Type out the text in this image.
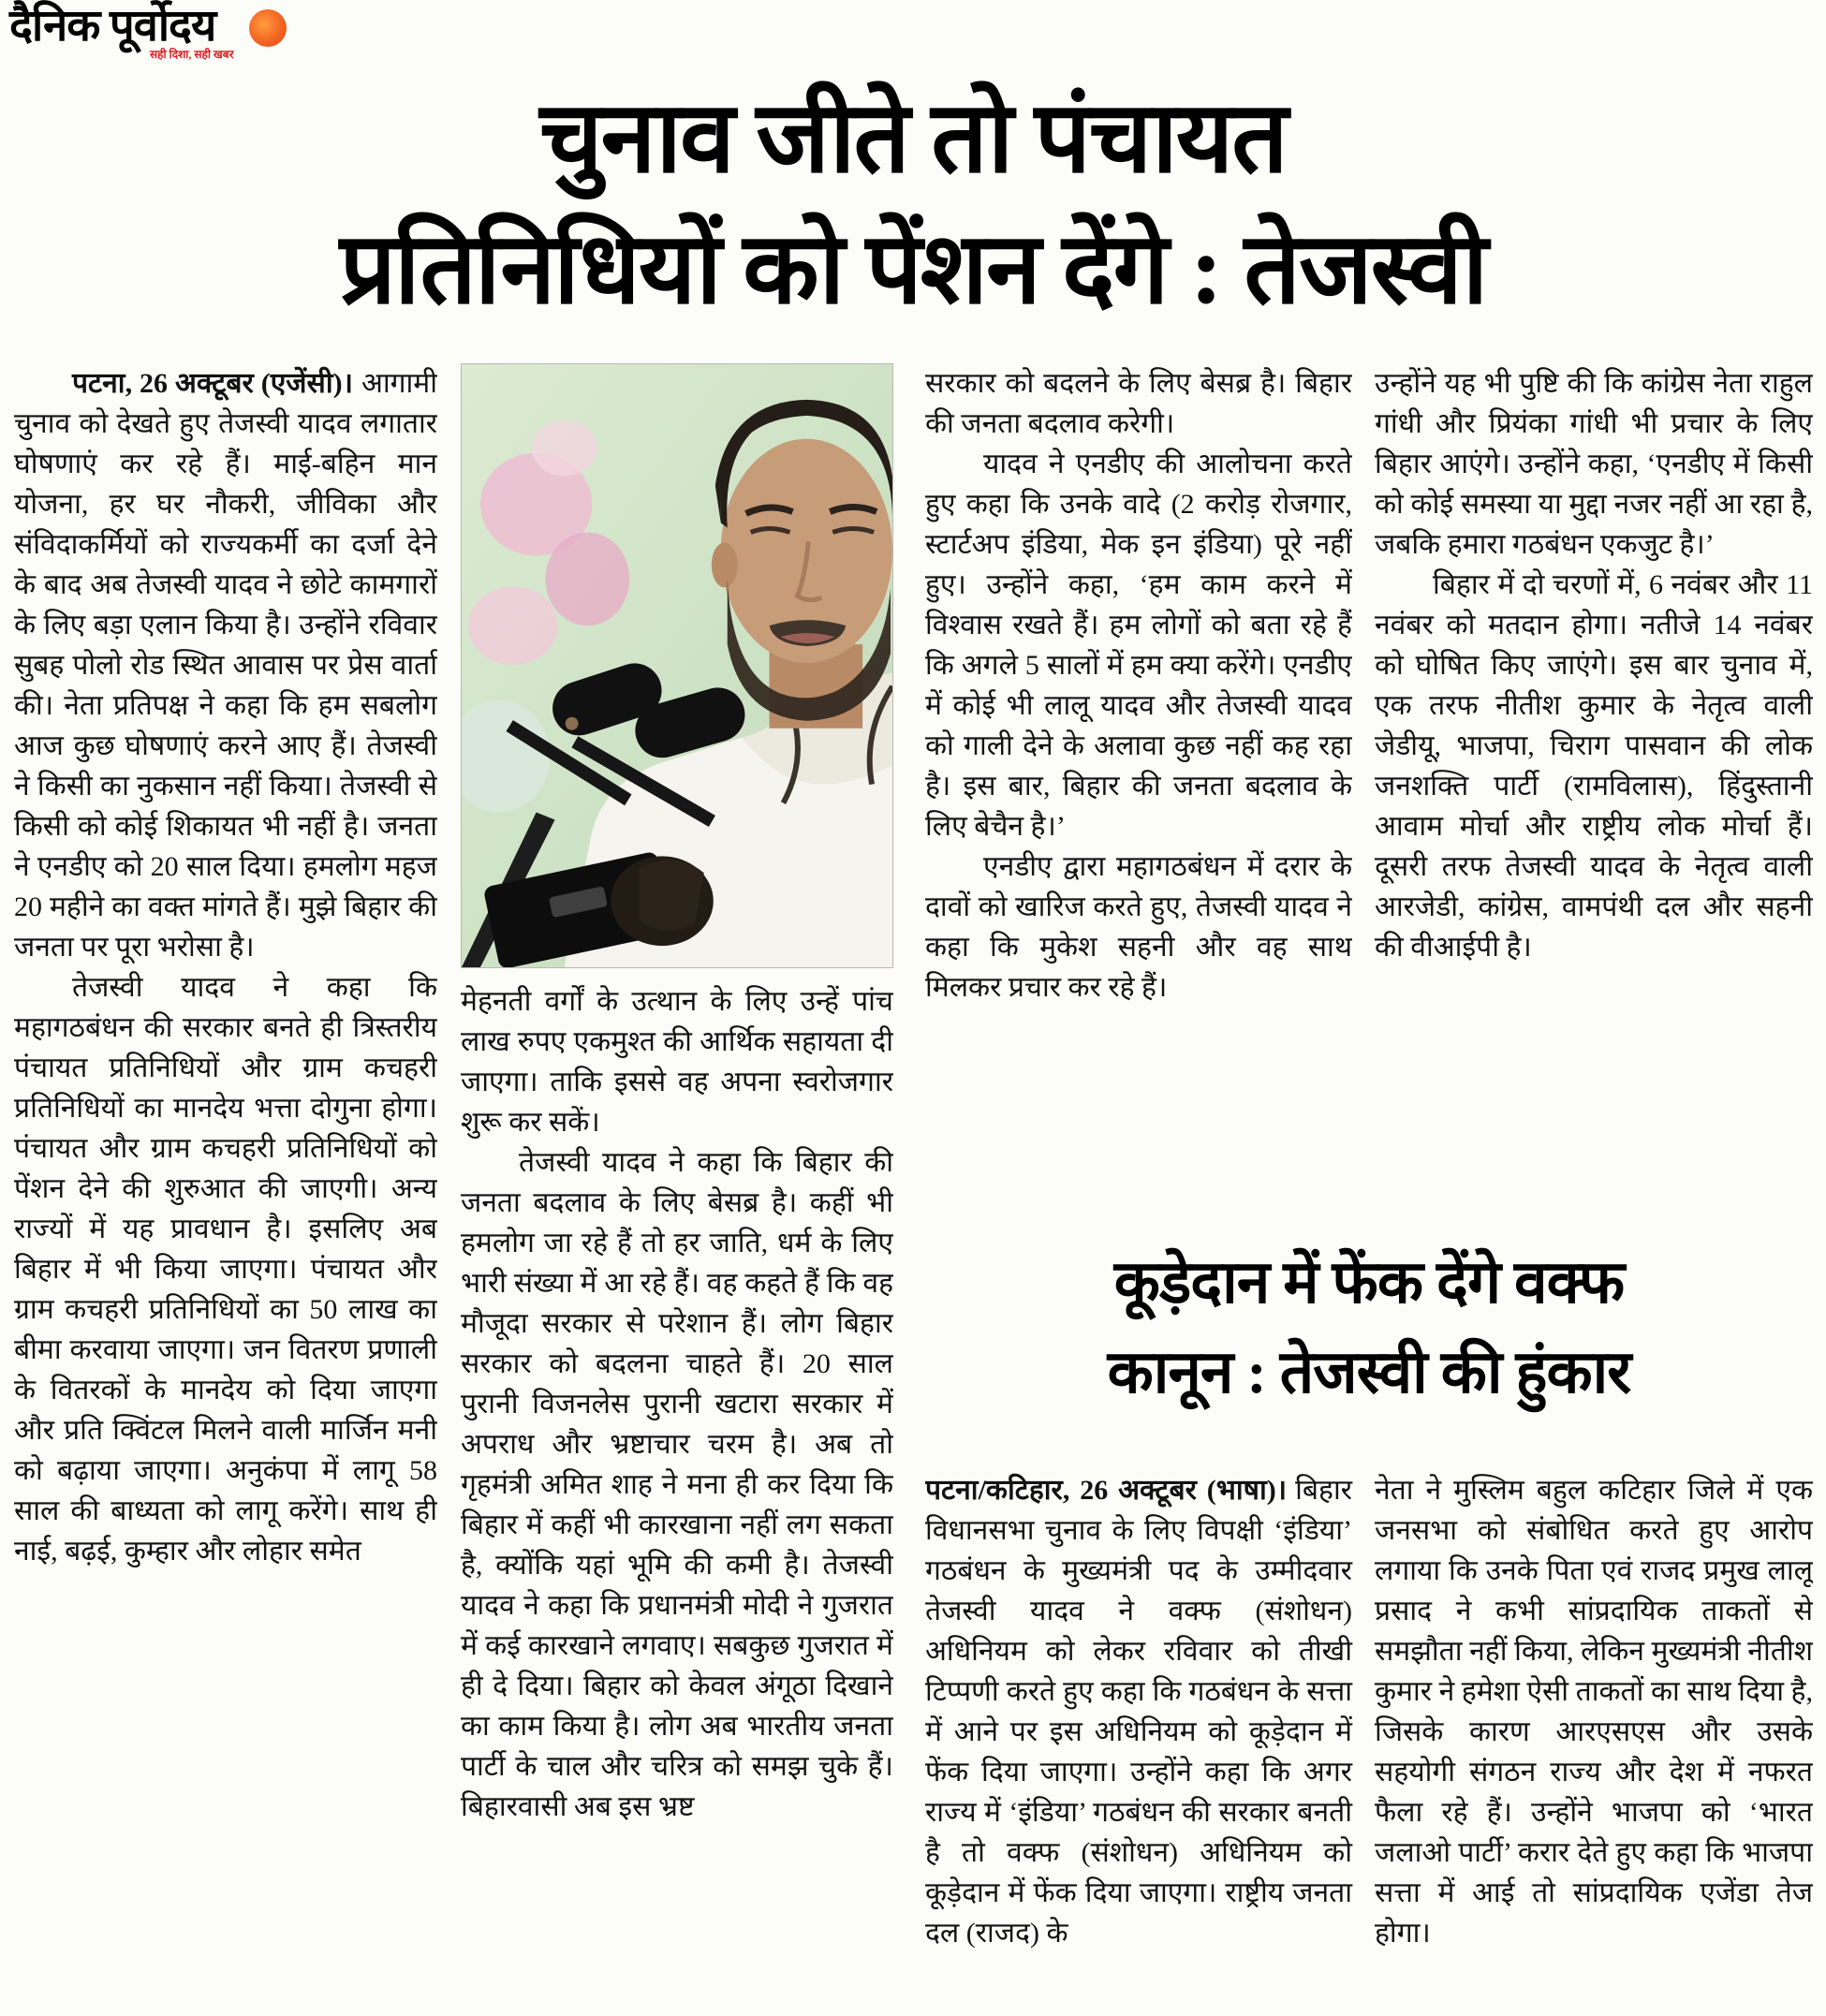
दैनिक पूर्वोदय
सही दिशा, सही खबर
चुनाव जीते तो पंचायत
प्रतिनिधियों को पेंशन देंगे : तेजस्वी

पटना, 26 अक्टूबर (एजेंसी)। आगामी चुनाव को देखते हुए तेजस्वी यादव लगातार घोषणाएं कर रहे हैं। माई-बहिन मान योजना, हर घर नौकरी, जीविका और संविदाकर्मियों को राज्यकर्मी का दर्जा देने के बाद अब तेजस्वी यादव ने छोटे कामगारों के लिए बड़ा एलान किया है। उन्होंने रविवार सुबह पोलो रोड स्थित आवास पर प्रेस वार्ता की। नेता प्रतिपक्ष ने कहा कि हम सबलोग आज कुछ घोषणाएं करने आए हैं। तेजस्वी ने किसी का नुकसान नहीं किया। तेजस्वी से किसी को कोई शिकायत भी नहीं है। जनता ने एनडीए को 20 साल दिया। हमलोग महज 20 महीने का वक्त मांगते हैं। मुझे बिहार की जनता पर पूरा भरोसा है।

तेजस्वी यादव ने कहा कि महागठबंधन की सरकार बनते ही त्रिस्तरीय पंचायत प्रतिनिधियों और ग्राम कचहरी प्रतिनिधियों का मानदेय भत्ता दोगुना होगा। पंचायत और ग्राम कचहरी प्रतिनिधियों को पेंशन देने की शुरुआत की जाएगी। अन्य राज्यों में यह प्रावधान है। इसलिए अब बिहार में भी किया जाएगा। पंचायत और ग्राम कचहरी प्रतिनिधियों का 50 लाख का बीमा करवाया जाएगा। जन वितरण प्रणाली के वितरकों के मानदेय को दिया जाएगा और प्रति क्विंटल मिलने वाली मार्जिन मनी को बढ़ाया जाएगा। अनुकंपा में लागू 58 साल की बाध्यता को लागू करेंगे। साथ ही नाई, बढ़ई, कुम्हार और लोहार समेत

मेहनती वर्गों के उत्थान के लिए उन्हें पांच लाख रुपए एकमुश्त की आर्थिक सहायता दी जाएगा। ताकि इससे वह अपना स्वरोजगार शुरू कर सकें।

तेजस्वी यादव ने कहा कि बिहार की जनता बदलाव के लिए बेसब्र है। कहीं भी हमलोग जा रहे हैं तो हर जाति, धर्म के लिए भारी संख्या में आ रहे हैं। वह कहते हैं कि वह मौजूदा सरकार से परेशान हैं। लोग बिहार सरकार को बदलना चाहते हैं। 20 साल पुरानी विजनलेस पुरानी खटारा सरकार में अपराध और भ्रष्टाचार चरम है। अब तो गृहमंत्री अमित शाह ने मना ही कर दिया कि बिहार में कहीं भी कारखाना नहीं लग सकता है, क्योंकि यहां भूमि की कमी है। तेजस्वी यादव ने कहा कि प्रधानमंत्री मोदी ने गुजरात में कई कारखाने लगवाए। सबकुछ गुजरात में ही दे दिया। बिहार को केवल अंगूठा दिखाने का काम किया है। लोग अब भारतीय जनता पार्टी के चाल और चरित्र को समझ चुके हैं। बिहारवासी अब इस भ्रष्ट

सरकार को बदलने के लिए बेसब्र है। बिहार की जनता बदलाव करेगी।

यादव ने एनडीए की आलोचना करते हुए कहा कि उनके वादे (2 करोड़ रोजगार, स्टार्टअप इंडिया, मेक इन इंडिया) पूरे नहीं हुए। उन्होंने कहा, ‘हम काम करने में विश्वास रखते हैं। हम लोगों को बता रहे हैं कि अगले 5 सालों में हम क्या करेंगे। एनडीए में कोई भी लालू यादव और तेजस्वी यादव को गाली देने के अलावा कुछ नहीं कह रहा है। इस बार, बिहार की जनता बदलाव के लिए बेचैन है।’

एनडीए द्वारा महागठबंधन में दरार के दावों को खारिज करते हुए, तेजस्वी यादव ने कहा कि मुकेश सहनी और वह साथ मिलकर प्रचार कर रहे हैं।

उन्होंने यह भी पुष्टि की कि कांग्रेस नेता राहुल गांधी और प्रियंका गांधी भी प्रचार के लिए बिहार आएंगे। उन्होंने कहा, ‘एनडीए में किसी को कोई समस्या या मुद्दा नजर नहीं आ रहा है, जबकि हमारा गठबंधन एकजुट है।’

बिहार में दो चरणों में, 6 नवंबर और 11 नवंबर को मतदान होगा। नतीजे 14 नवंबर को घोषित किए जाएंगे। इस बार चुनाव में, एक तरफ नीतीश कुमार के नेतृत्व वाली जेडीयू, भाजपा, चिराग पासवान की लोक जनशक्ति पार्टी (रामविलास), हिंदुस्तानी आवाम मोर्चा और राष्ट्रीय लोक मोर्चा हैं। दूसरी तरफ तेजस्वी यादव के नेतृत्व वाली आरजेडी, कांग्रेस, वामपंथी दल और सहनी की वीआईपी है।

कूड़ेदान में फेंक देंगे वक्फ
कानून : तेजस्वी की हुंकार

पटना/कटिहार, 26 अक्टूबर (भाषा)। बिहार विधानसभा चुनाव के लिए विपक्षी ‘इंडिया’ गठबंधन के मुख्यमंत्री पद के उम्मीदवार तेजस्वी यादव ने वक्फ (संशोधन) अधिनियम को लेकर रविवार को तीखी टिप्पणी करते हुए कहा कि गठबंधन के सत्ता में आने पर इस अधिनियम को कूड़ेदान में फेंक दिया जाएगा। उन्होंने कहा कि अगर राज्य में ‘इंडिया’ गठबंधन की सरकार बनती है तो वक्फ (संशोधन) अधिनियम को कूड़ेदान में फेंक दिया जाएगा। राष्ट्रीय जनता दल (राजद) के

नेता ने मुस्लिम बहुल कटिहार जिले में एक जनसभा को संबोधित करते हुए आरोप लगाया कि उनके पिता एवं राजद प्रमुख लालू प्रसाद ने कभी सांप्रदायिक ताकतों से समझौता नहीं किया, लेकिन मुख्यमंत्री नीतीश कुमार ने हमेशा ऐसी ताकतों का साथ दिया है, जिसके कारण आरएसएस और उसके सहयोगी संगठन राज्य और देश में नफरत फैला रहे हैं। उन्होंने भाजपा को ‘भारत जलाओ पार्टी’ करार देते हुए कहा कि भाजपा सत्ता में आई तो सांप्रदायिक एजेंडा तेज होगा।
